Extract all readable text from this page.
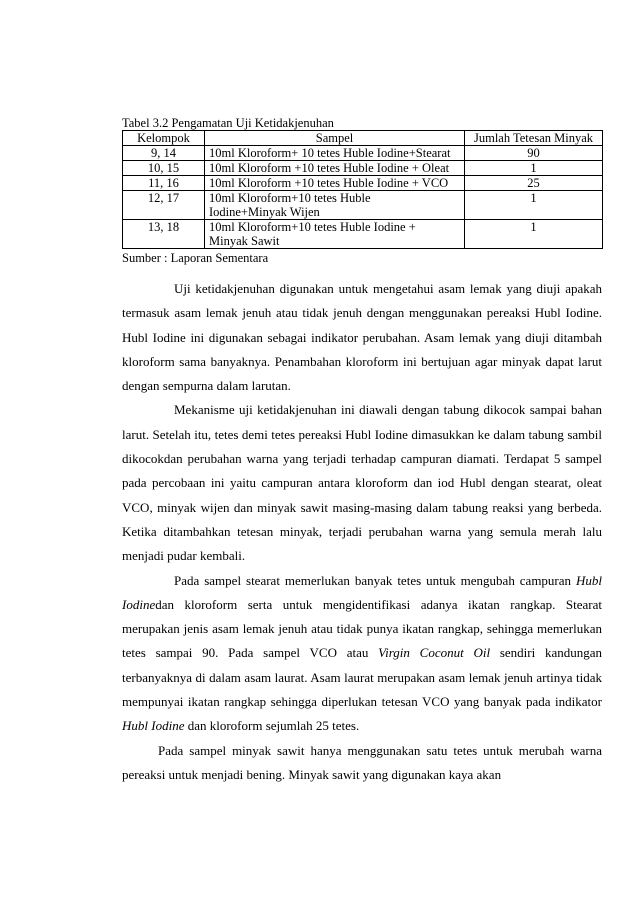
Tabel 3.2 Pengamatan Uji Ketidakjenuhan
Kelompok	Sampel	Jumlah Tetesan Minyak
9, 14	10ml Kloroform+ 10 tetes Huble Iodine+Stearat	90
10, 15	10ml Kloroform +10 tetes Huble Iodine + Oleat	1
11, 16	10ml Kloroform +10 tetes Huble Iodine + VCO	25
12, 17	10ml Kloroform+10 tetes Huble Iodine+Minyak Wijen	1
13, 18	10ml Kloroform+10 tetes Huble Iodine + Minyak Sawit	1
Sumber : Laporan Sementara

Uji ketidakjenuhan digunakan untuk mengetahui asam lemak yang diuji apakah termasuk asam lemak jenuh atau tidak jenuh dengan menggunakan pereaksi Hubl Iodine. Hubl Iodine ini digunakan sebagai indikator perubahan. Asam lemak yang diuji ditambah kloroform sama banyaknya. Penambahan kloroform ini bertujuan agar minyak dapat larut dengan sempurna dalam larutan.

Mekanisme uji ketidakjenuhan ini diawali dengan tabung dikocok sampai bahan larut. Setelah itu, tetes demi tetes pereaksi Hubl Iodine dimasukkan ke dalam tabung sambil dikocokdan perubahan warna yang terjadi terhadap campuran diamati. Terdapat 5 sampel pada percobaan ini yaitu campuran antara kloroform dan iod Hubl dengan stearat, oleat VCO, minyak wijen dan minyak sawit masing-masing dalam tabung reaksi yang berbeda. Ketika ditambahkan tetesan minyak, terjadi perubahan warna yang semula merah lalu menjadi pudar kembali.

Pada sampel stearat memerlukan banyak tetes untuk mengubah campuran Hubl Iodinedan kloroform serta untuk mengidentifikasi adanya ikatan rangkap. Stearat merupakan jenis asam lemak jenuh atau tidak punya ikatan rangkap, sehingga memerlukan tetes sampai 90. Pada sampel VCO atau Virgin Coconut Oil sendiri kandungan terbanyaknya di dalam asam laurat. Asam laurat merupakan asam lemak jenuh artinya tidak mempunyai ikatan rangkap sehingga diperlukan tetesan VCO yang banyak pada indikator Hubl Iodine dan kloroform sejumlah 25 tetes.

Pada sampel minyak sawit hanya menggunakan satu tetes untuk merubah warna pereaksi untuk menjadi bening. Minyak sawit yang digunakan kaya akan
